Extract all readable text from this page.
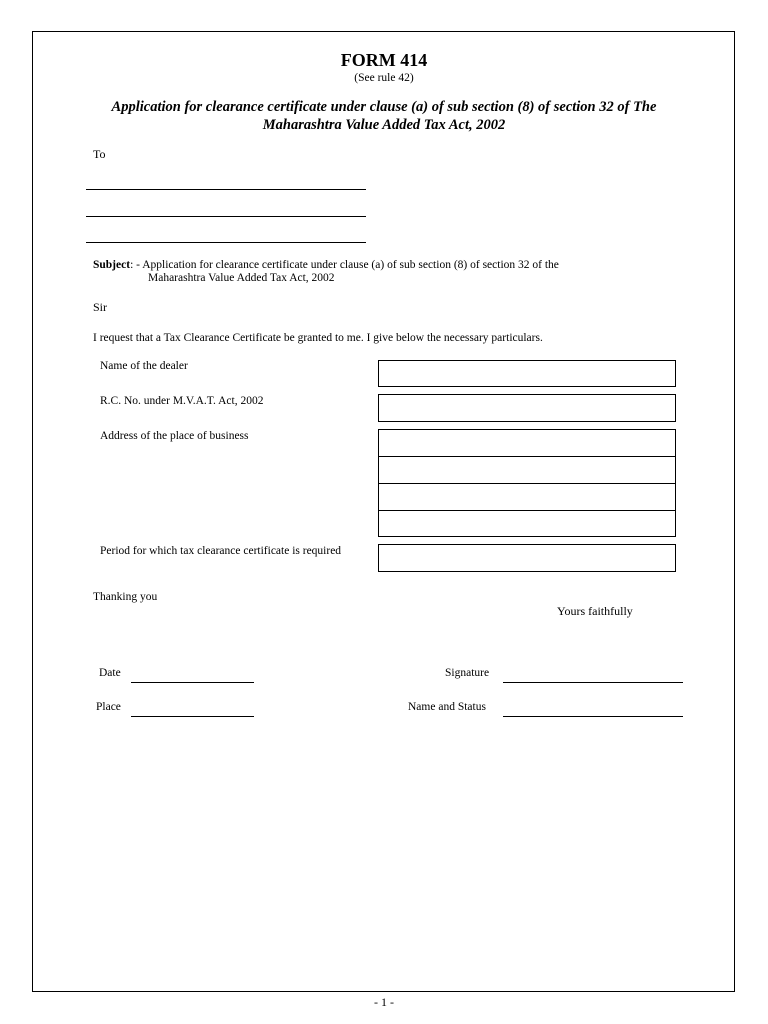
FORM 414
(See rule 42)
Application for clearance certificate under clause (a) of sub section (8) of section 32 of The Maharashtra Value Added Tax Act, 2002
To
Subject: - Application for clearance certificate under clause (a) of sub section (8) of section 32 of the
Maharashtra Value Added Tax Act, 2002
Sir
I request that a Tax Clearance Certificate be granted to me. I give below the necessary particulars.
Name of the dealer
R.C. No. under M.V.A.T. Act, 2002
Address of the place of business
Period for which tax clearance certificate is required
Thanking you
Yours faithfully
Date	Signature
Place	Name and Status
- 1 -
